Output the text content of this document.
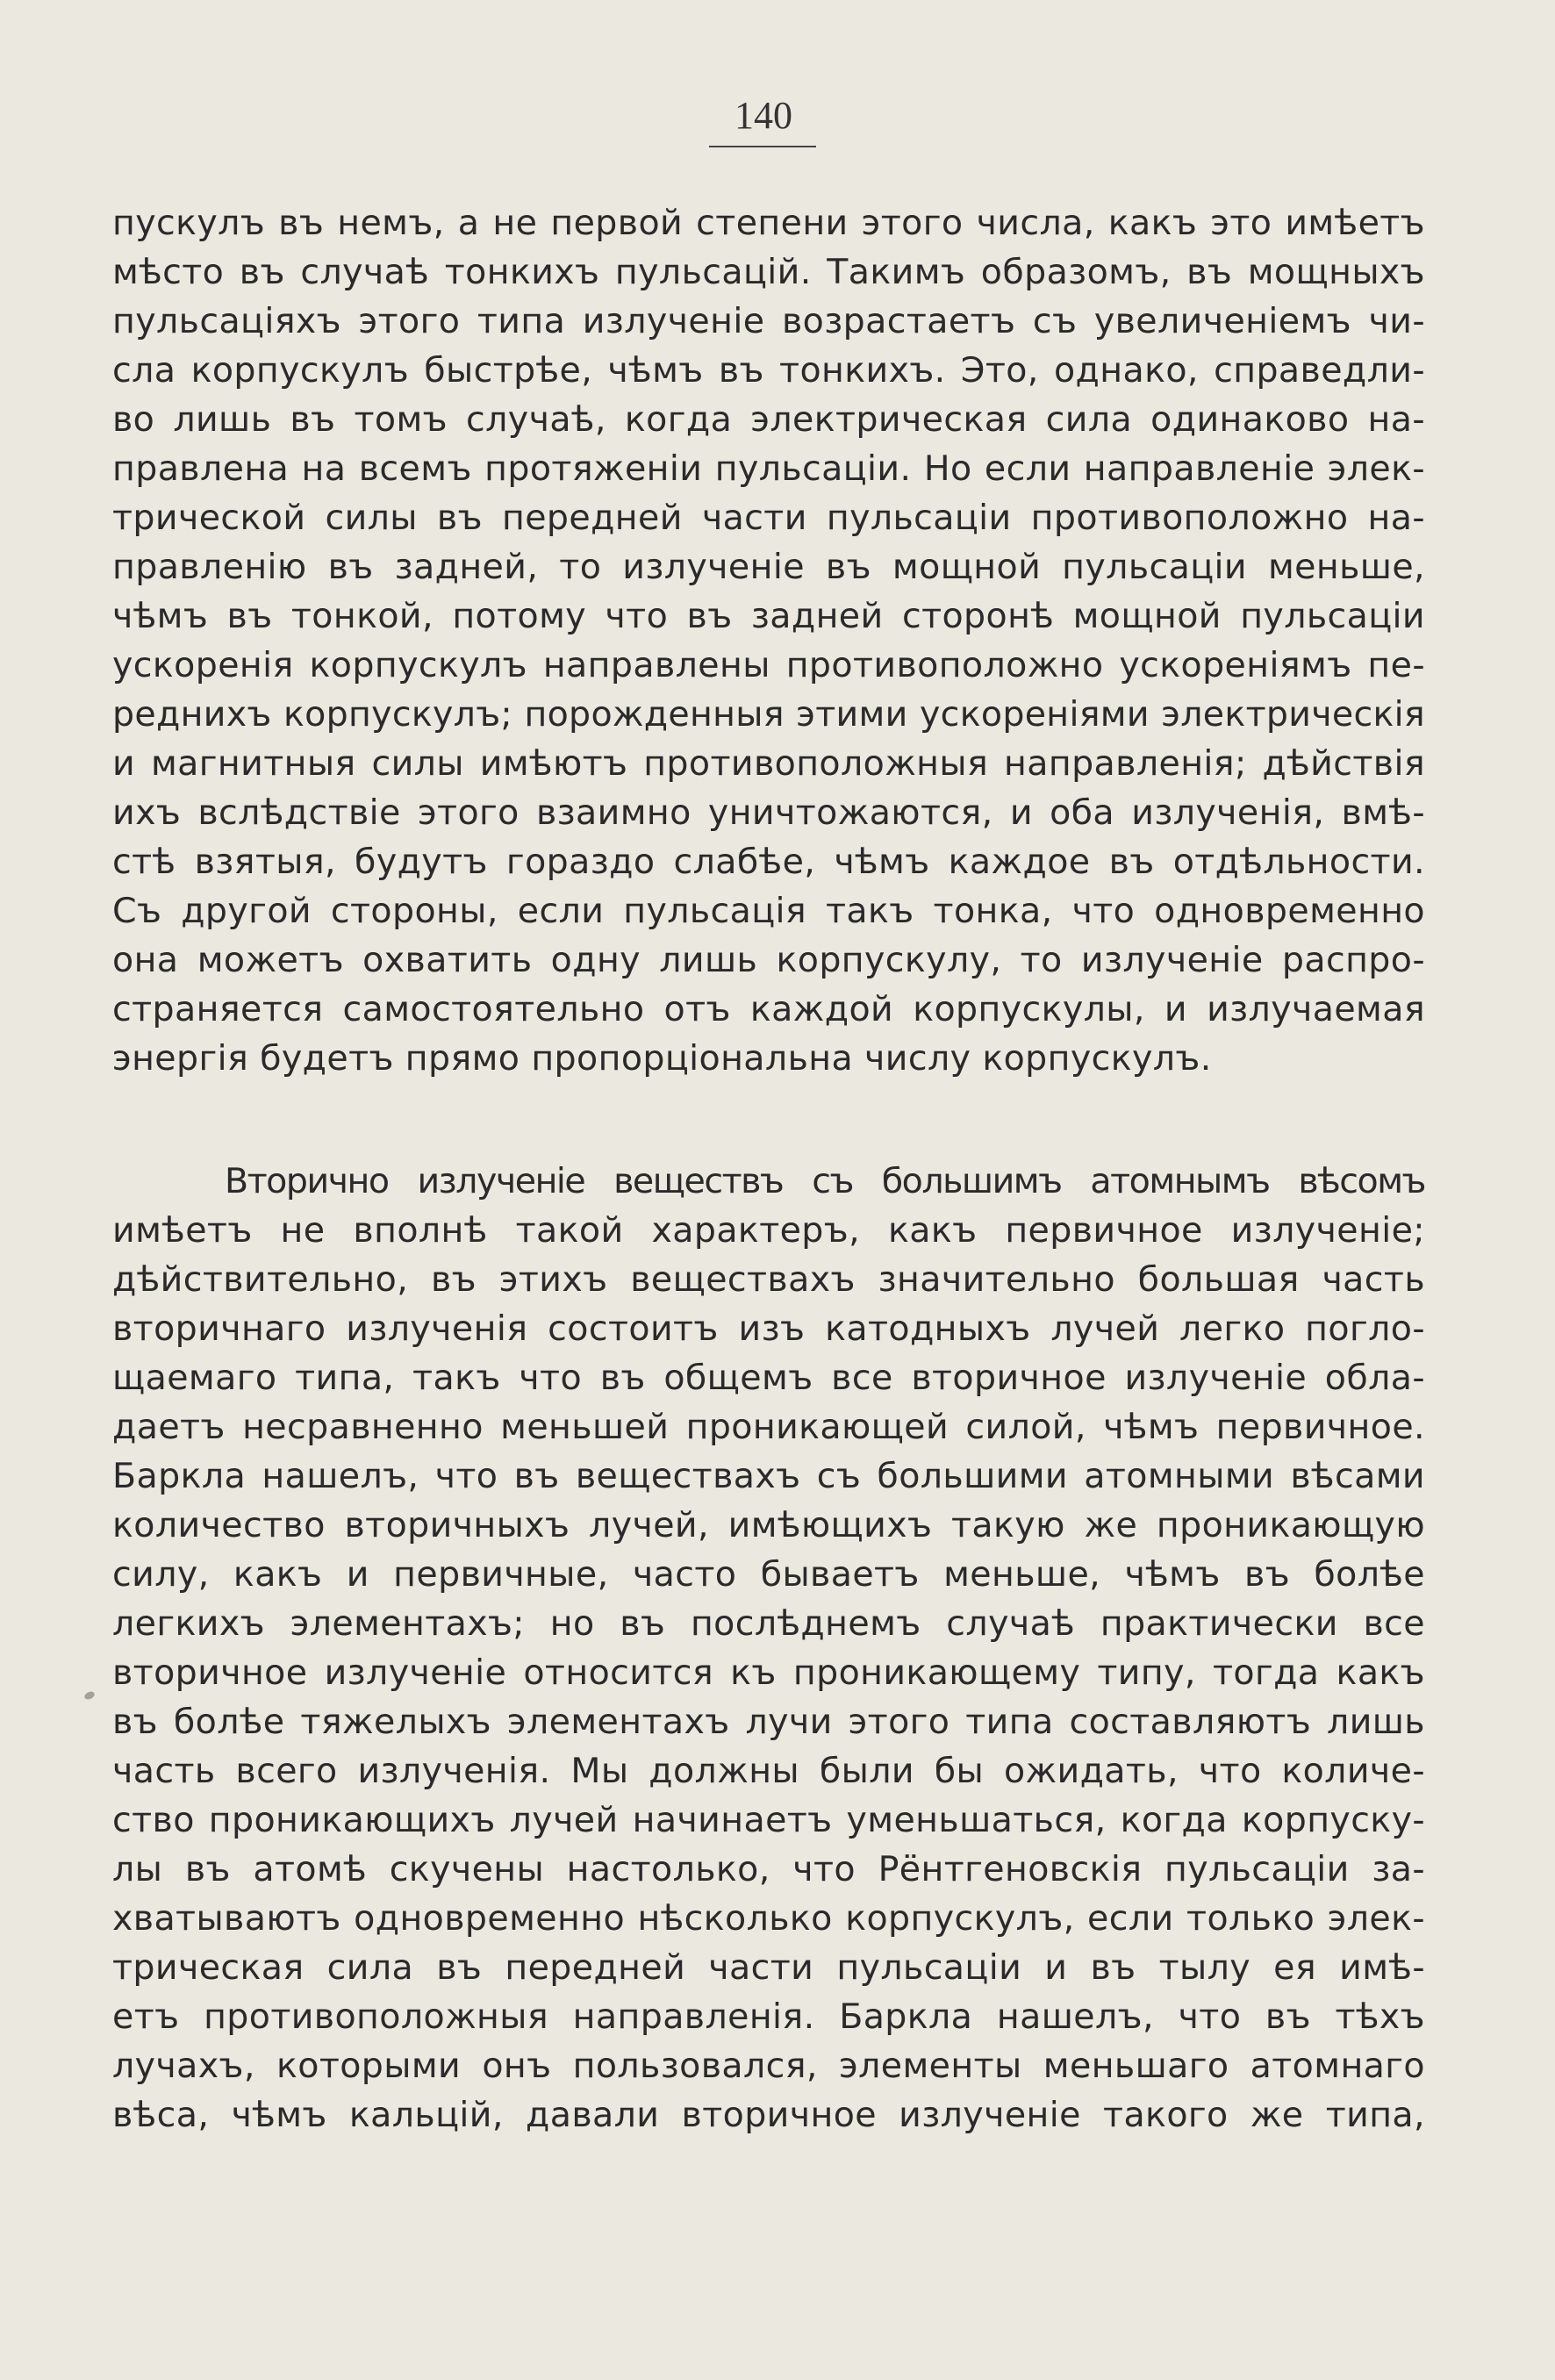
140
пускулъ въ немъ, а не первой степени этого числа, какъ это имѣетъ
мѣсто въ случаѣ тонкихъ пульсацій. Такимъ образомъ, въ мощныхъ
пульсаціяхъ этого типа излученіе возрастаетъ съ увеличеніемъ чи-
сла корпускулъ быстрѣе, чѣмъ въ тонкихъ. Это, однако, справедли-
во лишь въ томъ случаѣ, когда электрическая сила одинаково на-
правлена на всемъ протяженіи пульсаціи. Но если направленіе элек-
трической силы въ передней части пульсаціи противоположно на-
правленію въ задней, то излученіе въ мощной пульсаціи меньше,
чѣмъ въ тонкой, потому что въ задней сторонѣ мощной пульсаціи
ускоренія корпускулъ направлены противоположно ускореніямъ пе-
реднихъ корпускулъ; порожденныя этими ускореніями электрическія
и магнитныя силы имѣютъ противоположныя направленія; дѣйствія
ихъ вслѣдствіе этого взаимно уничтожаются, и оба излученія, вмѣ-
стѣ взятыя, будутъ гораздо слабѣе, чѣмъ каждое въ отдѣльности.
Съ другой стороны, если пульсація такъ тонка, что одновременно
она можетъ охватить одну лишь корпускулу, то излученіе распро-
страняется самостоятельно отъ каждой корпускулы, и излучаемая
энергія будетъ прямо пропорціональна числу корпускулъ.
Вторично излученіе веществъ съ большимъ атомнымъ вѣсомъ
имѣетъ не вполнѣ такой характеръ, какъ первичное излученіе;
дѣйствительно, въ этихъ веществахъ значительно большая часть
вторичнаго излученія состоитъ изъ катодныхъ лучей легко погло-
щаемаго типа, такъ что въ общемъ все вторичное излученіе обла-
даетъ несравненно меньшей проникающей силой, чѣмъ первичное.
Баркла нашелъ, что въ веществахъ съ большими атомными вѣсами
количество вторичныхъ лучей, имѣющихъ такую же проникающую
силу, какъ и первичные, часто бываетъ меньше, чѣмъ въ болѣе
легкихъ элементахъ; но въ послѣднемъ случаѣ практически все
вторичное излученіе относится къ проникающему типу, тогда какъ
въ болѣе тяжелыхъ элементахъ лучи этого типа составляютъ лишь
часть всего излученія. Мы должны были бы ожидать, что количе-
ство проникающихъ лучей начинаетъ уменьшаться, когда корпуску-
лы въ атомѣ скучены настолько, что Рёнтгеновскія пульсаціи за-
хватываютъ одновременно нѣсколько корпускулъ, если только элек-
трическая сила въ передней части пульсаціи и въ тылу ея имѣ-
етъ противоположныя направленія. Баркла нашелъ, что въ тѣхъ
лучахъ, которыми онъ пользовался, элементы меньшаго атомнаго
вѣса, чѣмъ кальцій, давали вторичное излученіе такого же типа,
